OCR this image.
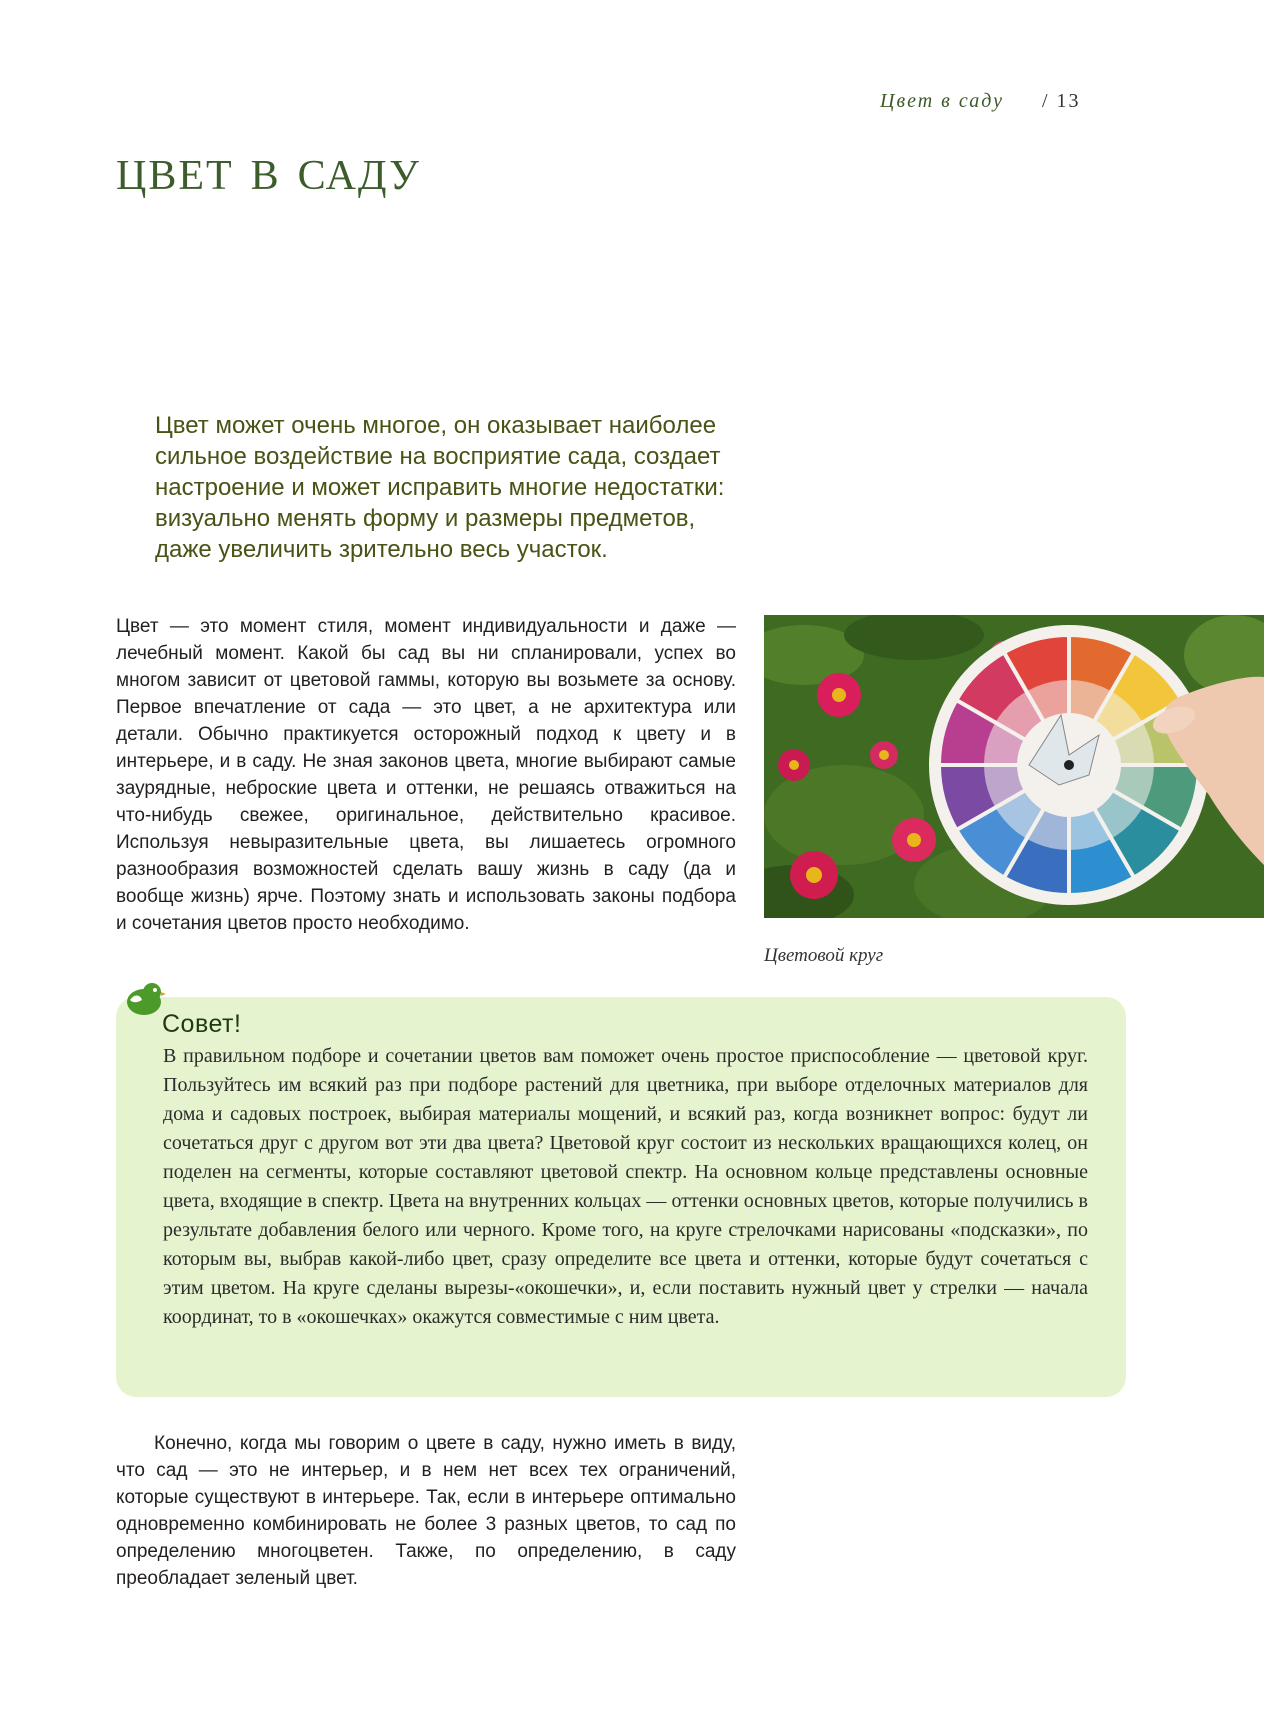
Цвет в саду / 13
цвет в саду

Цвет может очень многое, он оказывает наиболее сильное воздействие на восприятие сада, создает настроение и может исправить многие недостатки: визуально менять форму и размеры предметов, даже увеличить зрительно весь участок.

Цвет — это момент стиля, момент индивидуальности и даже — лечебный момент. Какой бы сад вы ни спланировали, успех во многом зависит от цветовой гаммы, которую вы возьмете за основу. Первое впечатление от сада — это цвет, а не архитектура или детали. Обычно практикуется осторожный подход к цвету и в интерьере, и в саду. Не зная законов цвета, многие выбирают самые заурядные, неброские цвета и оттенки, не решаясь отважиться на что-нибудь свежее, оригинальное, действительно красивое. Используя невыразительные цвета, вы лишаетесь огромного разнообразия возможностей сделать вашу жизнь в саду (да и вообще жизнь) ярче. Поэтому знать и использовать законы подбора и сочетания цветов просто необходимо.

Цветовой круг

Совет!

В правильном подборе и сочетании цветов вам поможет очень простое приспособление — цветовой круг. Пользуйтесь им всякий раз при подборе растений для цветника, при выборе отделочных материалов для дома и садовых построек, выбирая материалы мощений, и всякий раз, когда возникнет вопрос: будут ли сочетаться друг с другом вот эти два цвета? Цветовой круг состоит из нескольких вращающихся колец, он поделен на сегменты, которые составляют цветовой спектр. На основном кольце представлены основные цвета, входящие в спектр. Цвета на внутренних кольцах — оттенки основных цветов, которые получились в результате добавления белого или черного. Кроме того, на круге стрелочками нарисованы «подсказки», по которым вы, выбрав какой-либо цвет, сразу определите все цвета и оттенки, которые будут сочетаться с этим цветом. На круге сделаны вырезы-«окошечки», и, если поставить нужный цвет у стрелки — начала координат, то в «окошечках» окажутся совместимые с ним цвета.

Конечно, когда мы говорим о цвете в саду, нужно иметь в виду, что сад — это не интерьер, и в нем нет всех тех ограничений, которые существуют в интерьере. Так, если в интерьере оптимально одновременно комбинировать не более 3 разных цветов, то сад по определению многоцветен. Также, по определению, в саду преобладает зеленый цвет.
